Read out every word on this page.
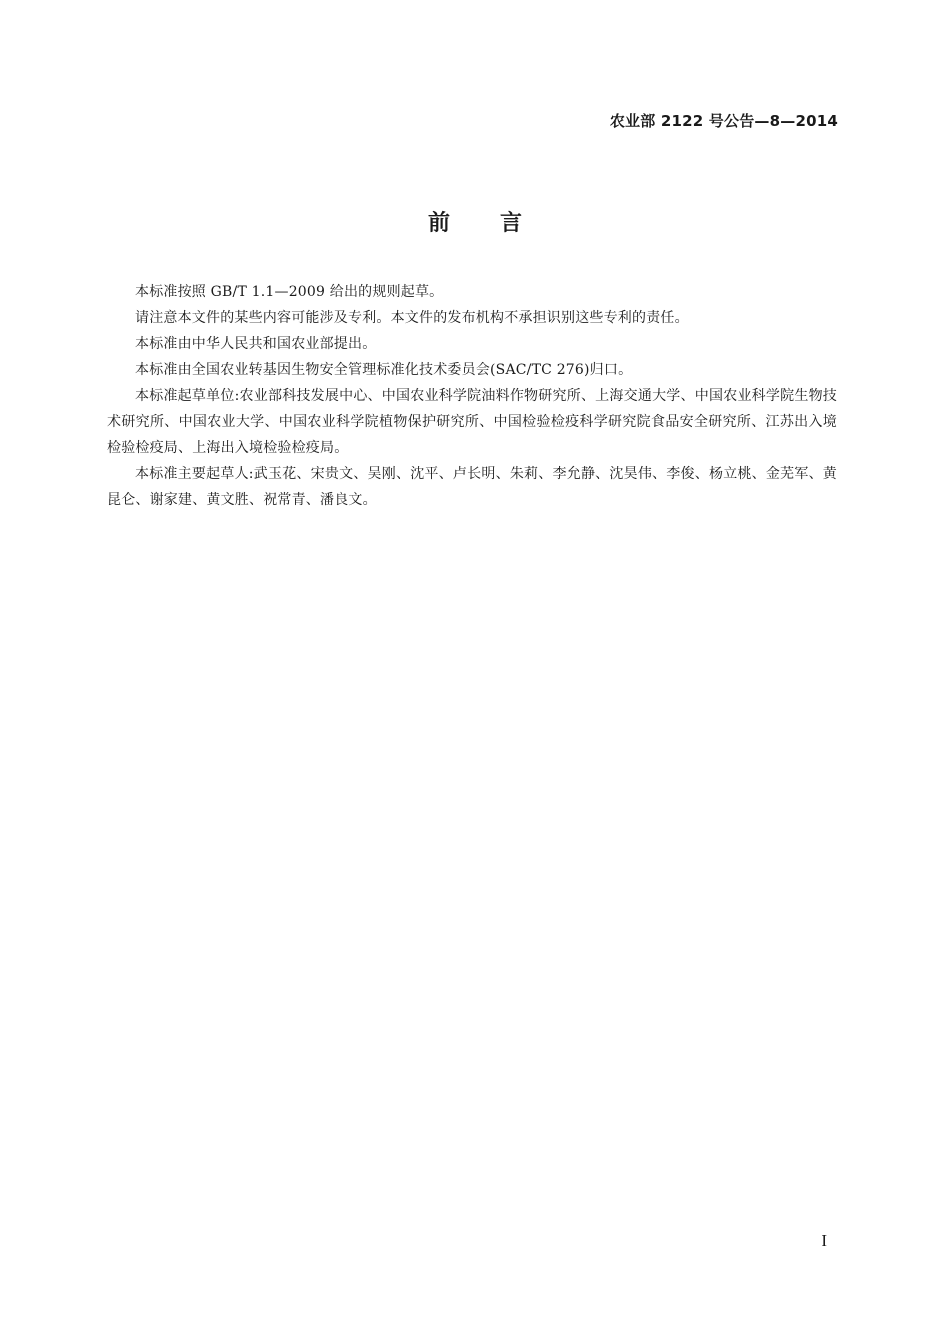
农业部 2122 号公告—8—2014
前言

本标准按照 GB/T 1.1—2009 给出的规则起草。

请注意本文件的某些内容可能涉及专利。本文件的发布机构不承担识别这些专利的责任。

本标准由中华人民共和国农业部提出。

本标准由全国农业转基因生物安全管理标准化技术委员会(SAC/TC 276)归口。

本标准起草单位:农业部科技发展中心、中国农业科学院油料作物研究所、上海交通大学、中国农业科学院生物技术研究所、中国农业大学、中国农业科学院植物保护研究所、中国检验检疫科学研究院食品安全研究所、江苏出入境检验检疫局、上海出入境检验检疫局。

本标准主要起草人:武玉花、宋贵文、吴刚、沈平、卢长明、朱莉、李允静、沈昊伟、李俊、杨立桃、金芜军、黄昆仑、谢家建、黄文胜、祝常青、潘良文。

I
